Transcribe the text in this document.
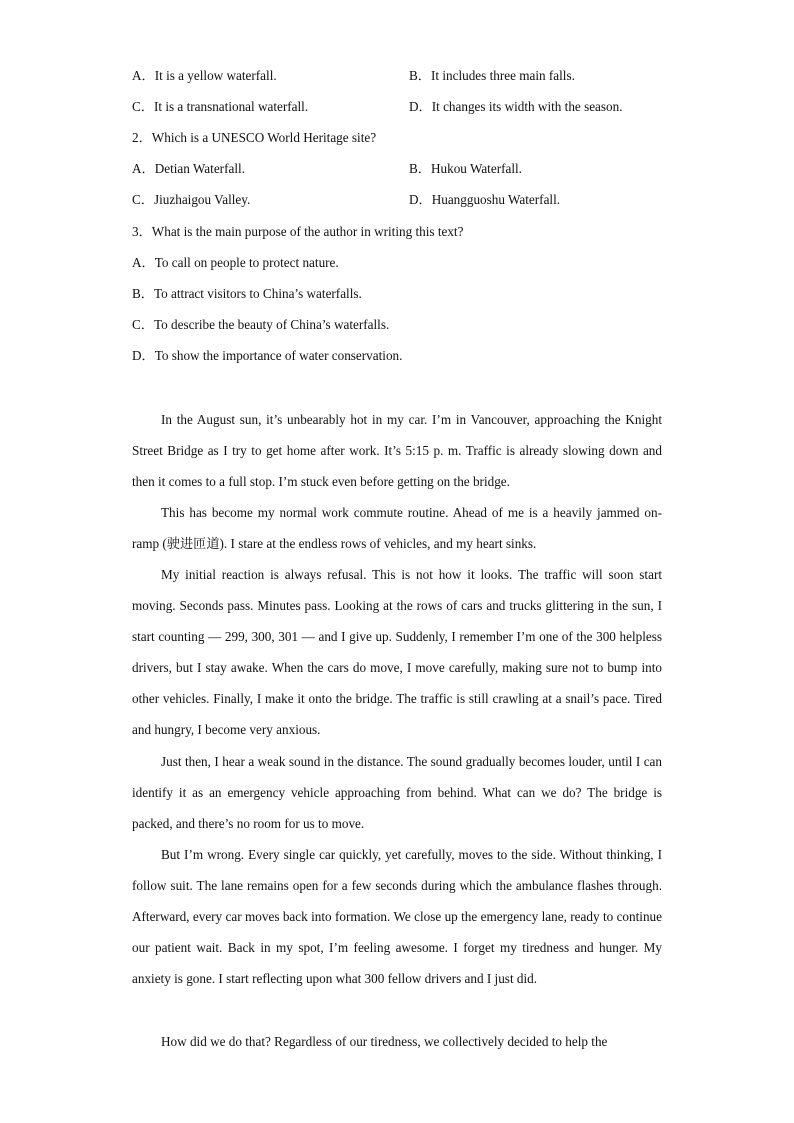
A．It is a yellow waterfall.	B．It includes three main falls.
C．It is a transnational waterfall.	D．It changes its width with the season.
2．Which is a UNESCO World Heritage site?
A．Detian Waterfall.	B．Hukou Waterfall.
C．Jiuzhaigou Valley.	D．Huangguoshu Waterfall.
3．What is the main purpose of the author in writing this text?
A．To call on people to protect nature.
B．To attract visitors to China’s waterfalls.
C．To describe the beauty of China’s waterfalls.
D．To show the importance of water conservation.

In the August sun, it’s unbearably hot in my car. I’m in Vancouver, approaching the Knight Street Bridge as I try to get home after work. It’s 5:15 p. m. Traffic is already slowing down and then it comes to a full stop. I’m stuck even before getting on the bridge.

This has become my normal work commute routine. Ahead of me is a heavily jammed on-ramp (驶进匝道). I stare at the endless rows of vehicles, and my heart sinks.

My initial reaction is always refusal. This is not how it looks. The traffic will soon start moving. Seconds pass. Minutes pass. Looking at the rows of cars and trucks glittering in the sun, I start counting — 299, 300, 301 — and I give up. Suddenly, I remember I’m one of the 300 helpless drivers, but I stay awake. When the cars do move, I move carefully, making sure not to bump into other vehicles. Finally, I make it onto the bridge. The traffic is still crawling at a snail’s pace. Tired and hungry, I become very anxious.

Just then, I hear a weak sound in the distance. The sound gradually becomes louder, until I can identify it as an emergency vehicle approaching from behind. What can we do? The bridge is packed, and there’s no room for us to move.

But I’m wrong. Every single car quickly, yet carefully, moves to the side. Without thinking, I follow suit. The lane remains open for a few seconds during which the ambulance flashes through. Afterward, every car moves back into formation. We close up the emergency lane, ready to continue our patient wait. Back in my spot, I’m feeling awesome. I forget my tiredness and hunger. My anxiety is gone. I start reflecting upon what 300 fellow drivers and I just did.

How did we do that? Regardless of our tiredness, we collectively decided to help the
